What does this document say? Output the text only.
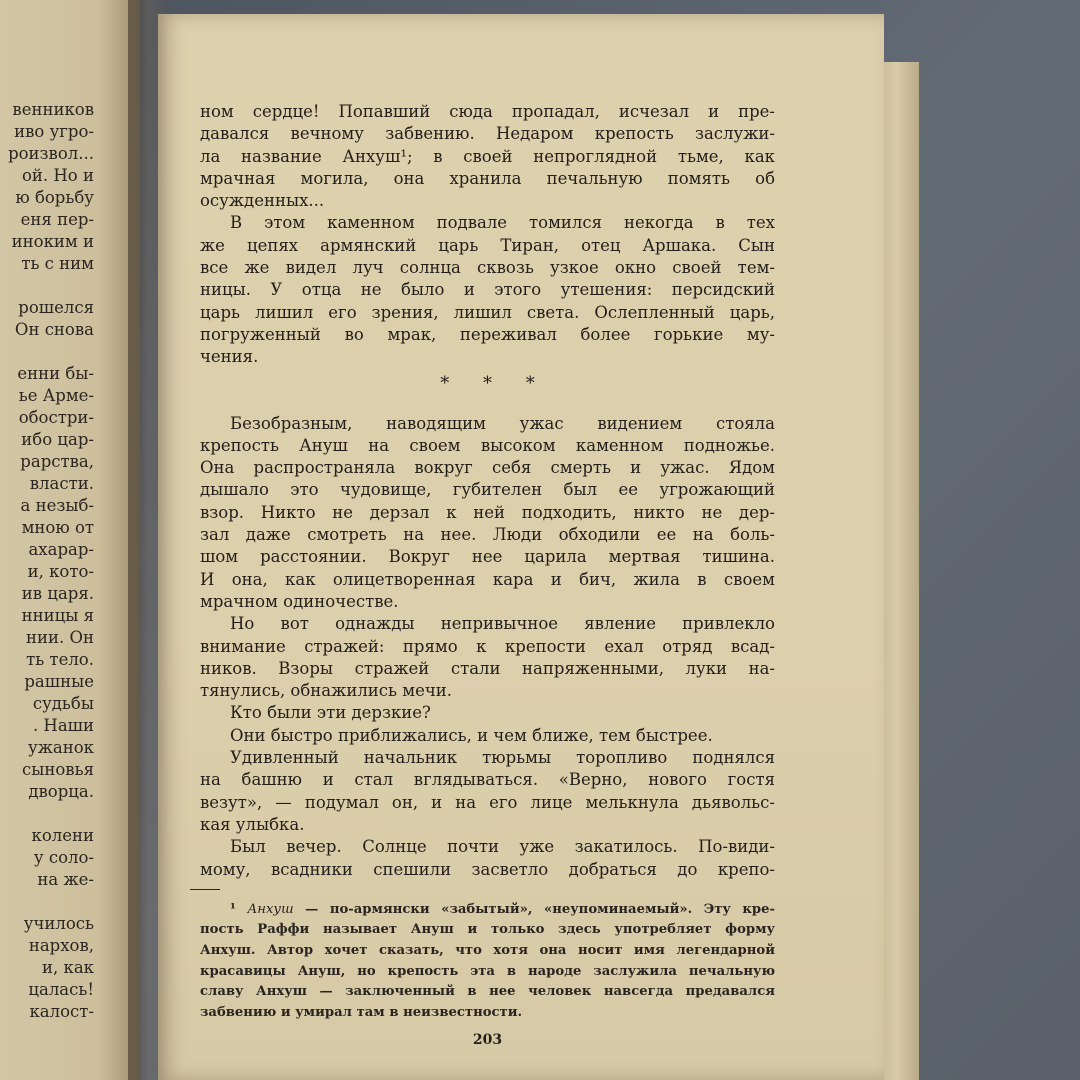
венников
иво угро-
роизвол...
ой. Но и
ю борьбу
еня пер-
иноким и
ть с ним
рошелся
Он снова
енни бы-
ье Арме-
обостри-
ибо цар-
рарства,
власти.
а незыб-
мною от
ахарар-
и, кото-
ив царя.
нницы я
нии. Он
ть тело.
рашные
судьбы
. Наши
ужанок
сыновья
дворца.
колени
у соло-
на же-
училось
нархов,
и, как
цалась!
калост-
ном сердце! Попавший сюда пропадал, исчезал и пре-
давался вечному забвению. Недаром крепость заслужи-
ла название Анхуш¹; в своей непроглядной тьме, как
мрачная могила, она хранила печальную помять об
осужденных...
В этом каменном подвале томился некогда в тех
же цепях армянский царь Тиран, отец Аршака. Сын
все же видел луч солнца сквозь узкое окно своей тем-
ницы. У отца не было и этого утешения: персидский
царь лишил его зрения, лишил света. Ослепленный царь,
погруженный во мрак, переживал более горькие му-
чения.
* * *
Безобразным, наводящим ужас видением стояла
крепость Ануш на своем высоком каменном подножье.
Она распространяла вокруг себя смерть и ужас. Ядом
дышало это чудовище, губителен был ее угрожающий
взор. Никто не дерзал к ней подходить, никто не дер-
зал даже смотреть на нее. Люди обходили ее на боль-
шом расстоянии. Вокруг нее царила мертвая тишина.
И она, как олицетворенная кара и бич, жила в своем
мрачном одиночестве.
Но вот однажды непривычное явление привлекло
внимание стражей: прямо к крепости ехал отряд всад-
ников. Взоры стражей стали напряженными, луки на-
тянулись, обнажились мечи.
Кто были эти дерзкие?
Они быстро приближались, и чем ближе, тем быстрее.
Удивленный начальник тюрьмы торопливо поднялся
на башню и стал вглядываться. «Верно, нового гостя
везут», — подумал он, и на его лице мелькнула дьявольс-
кая улыбка.
Был вечер. Солнце почти уже закатилось. По-види-
мому, всадники спешили засветло добраться до крепо-
¹ Анхуш — по-армянски «забытый», «неупоминаемый». Эту кре-
пость Раффи называет Ануш и только здесь употребляет форму
Анхуш. Автор хочет сказать, что хотя она носит имя легендарной
красавицы Ануш, но крепость эта в народе заслужила печальную
славу Анхуш — заключенный в нее человек навсегда предавался
забвению и умирал там в неизвестности.
203
